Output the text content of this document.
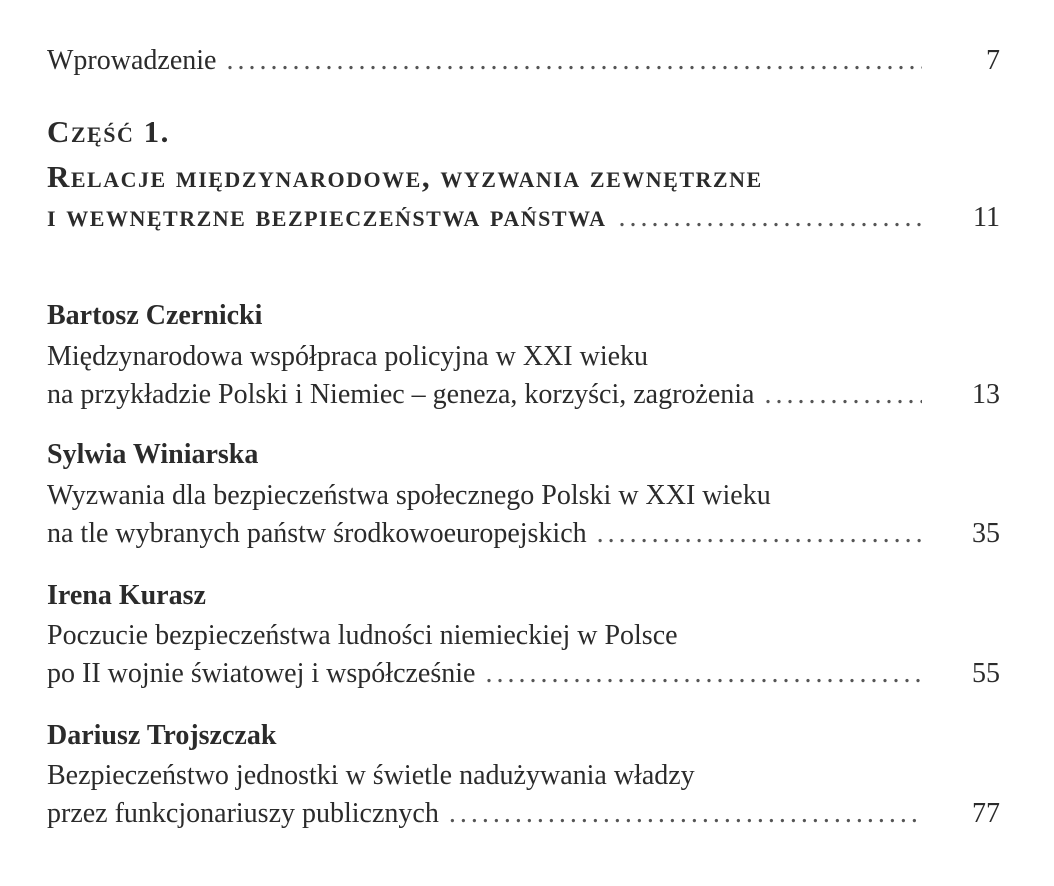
Wprowadzenie .....	7
Część 1.
Relacje międzynarodowe, wyzwania zewnętrzne
i wewnętrzne bezpieczeństwa państwa .....	11
Bartosz Czernicki
Międzynarodowa współpraca policyjna w XXI wieku
na przykładzie Polski i Niemiec – geneza, korzyści, zagrożenia .....	13
Sylwia Winiarska
Wyzwania dla bezpieczeństwa społecznego Polski w XXI wieku
na tle wybranych państw środkowoeuropejskich .....	35
Irena Kurasz
Poczucie bezpieczeństwa ludności niemieckiej w Polsce
po II wojnie światowej i współcześnie .....	55
Dariusz Trojszczak
Bezpieczeństwo jednostki w świetle nadużywania władzy
przez funkcjonariuszy publicznych .....	77
